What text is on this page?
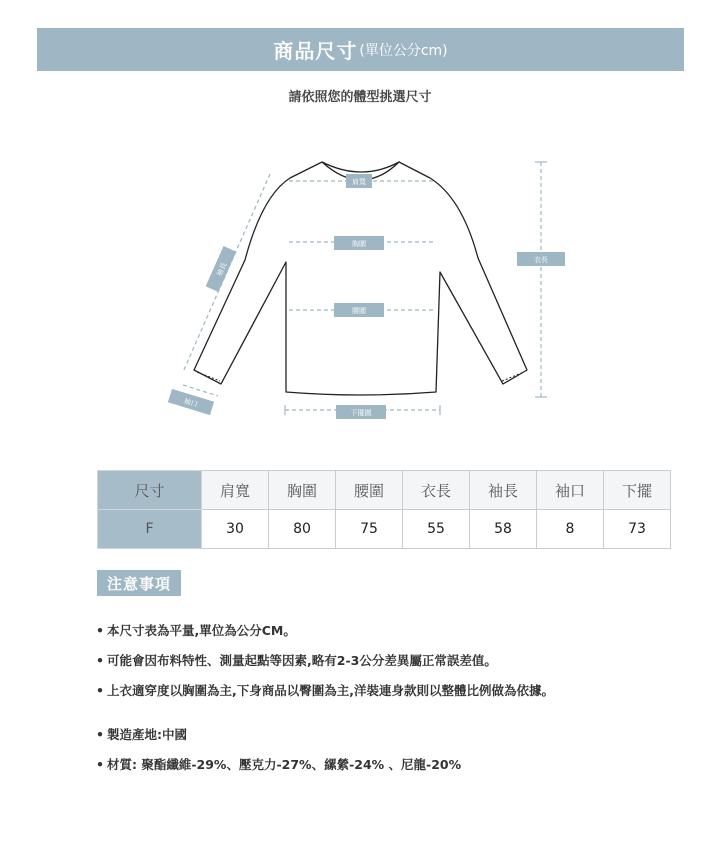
商品尺寸 (單位公分cm)
請依照您的體型挑選尺寸
肩寬
胸圍
腰圍
衣長
下擺圍
袖長
袖口
尺寸	肩寬	胸圍	腰圍	衣長	袖長	袖口	下擺
F	30	80	75	55	58	8	73
注意事項
• 本尺寸表為平量,單位為公分CM。
• 可能會因布料特性、測量起點等因素,略有2-3公分差異屬正常誤差值。
• 上衣適穿度以胸圍為主,下身商品以臀圍為主,洋裝連身款則以整體比例做為依據。
• 製造產地:中國
• 材質: 聚酯纖維-29%、壓克力-27%、縲縈-24% 、尼龍-20%
